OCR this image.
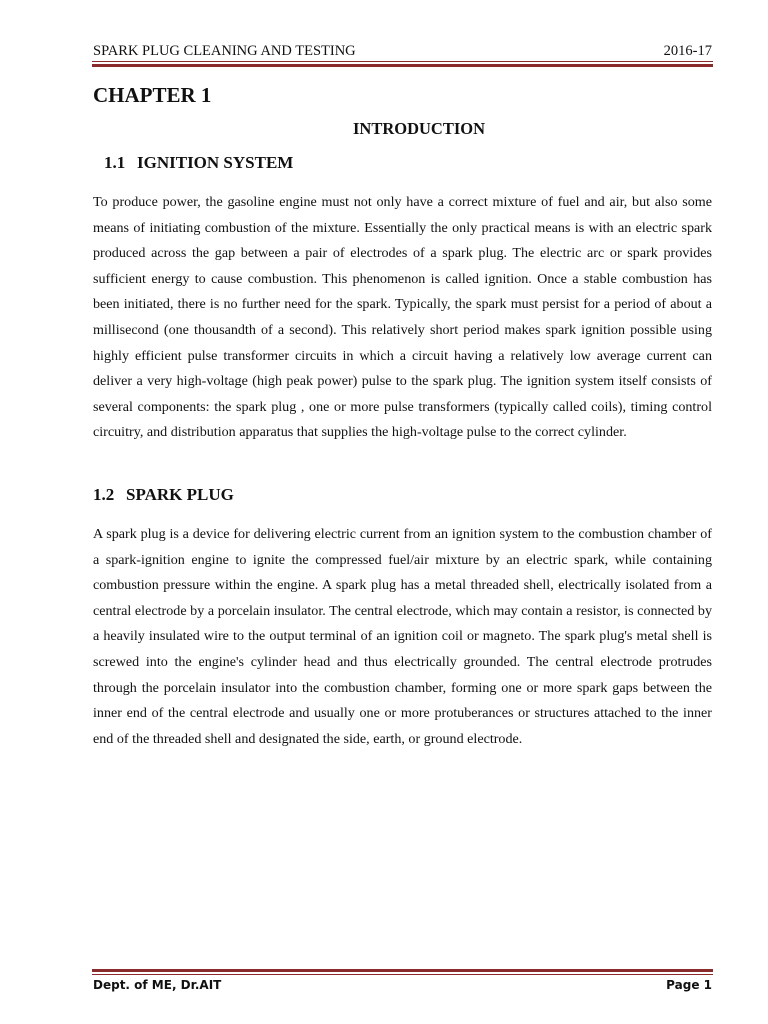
SPARK PLUG CLEANING AND TESTING	2016-17
CHAPTER 1
INTRODUCTION
1.1 IGNITION SYSTEM

To produce power, the gasoline engine must not only have a correct mixture of fuel and air, but also some means of initiating combustion of the mixture. Essentially the only practical means is with an electric spark produced across the gap between a pair of electrodes of a spark plug. The electric arc or spark provides sufficient energy to cause combustion. This phenomenon is called ignition. Once a stable combustion has been initiated, there is no further need for the spark. Typically, the spark must persist for a period of about a millisecond (one thousandth of a second). This relatively short period makes spark ignition possible using highly efficient pulse transformer circuits in which a circuit having a relatively low average current can deliver a very high-voltage (high peak power) pulse to the spark plug. The ignition system itself consists of several components: the spark plug , one or more pulse transformers (typically called coils), timing control circuitry, and distribution apparatus that supplies the high-voltage pulse to the correct cylinder.

1.2 SPARK PLUG

A spark plug is a device for delivering electric current from an ignition system to the combustion chamber of a spark-ignition engine to ignite the compressed fuel/air mixture by an electric spark, while containing combustion pressure within the engine. A spark plug has a metal threaded shell, electrically isolated from a central electrode by a porcelain insulator. The central electrode, which may contain a resistor, is connected by a heavily insulated wire to the output terminal of an ignition coil or magneto. The spark plug's metal shell is screwed into the engine's cylinder head and thus electrically grounded. The central electrode protrudes through the porcelain insulator into the combustion chamber, forming one or more spark gaps between the inner end of the central electrode and usually one or more protuberances or structures attached to the inner end of the threaded shell and designated the side, earth, or ground electrode.

Dept. of ME, Dr.AIT	Page 1
